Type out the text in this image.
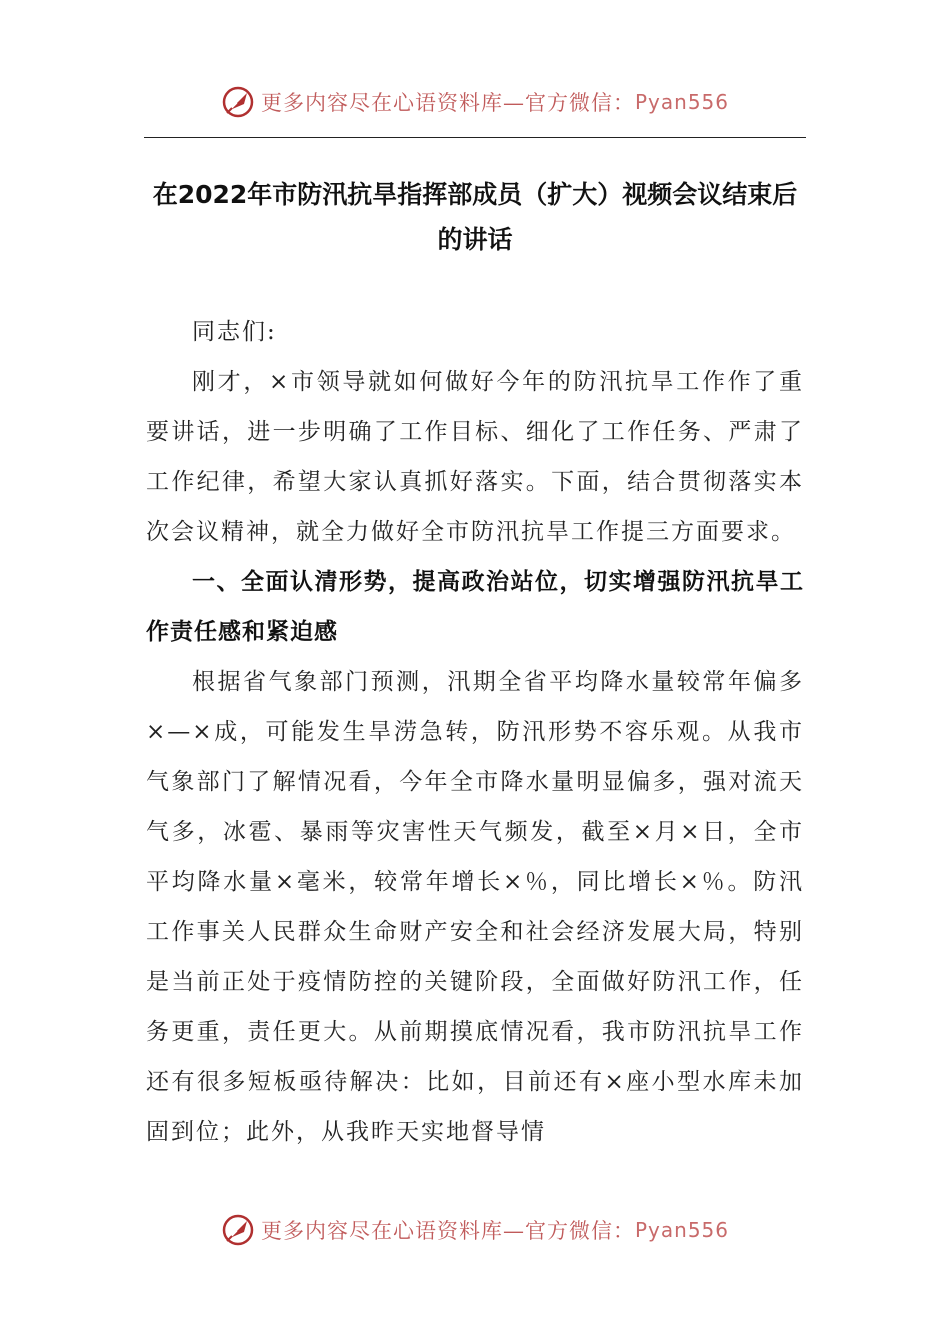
更多内容尽在心语资料库—官方微信： Pyan556
在2022年市防汛抗旱指挥部成员（扩大）视频会议结束后的讲话

同志们:

刚才，×市领导就如何做好今年的防汛抗旱工作作了重要讲话，进一步明确了工作目标、细化了工作任务、严肃了工作纪律，希望大家认真抓好落实。下面，结合贯彻落实本次会议精神，就全力做好全市防汛抗旱工作提三方面要求。

一、全面认清形势，提高政治站位，切实增强防汛抗旱工作责任感和紧迫感

根据省气象部门预测，汛期全省平均降水量较常年偏多×—×成，可能发生旱涝急转，防汛形势不容乐观。从我市气象部门了解情况看，今年全市降水量明显偏多，强对流天气多，冰雹、暴雨等灾害性天气频发，截至×月×日，全市平均降水量×毫米，较常年增长×％，同比增长×％。防汛工作事关人民群众生命财产安全和社会经济发展大局，特别是当前正处于疫情防控的关键阶段，全面做好防汛工作，任务更重，责任更大。从前期摸底情况看，我市防汛抗旱工作还有很多短板亟待解决：比如，目前还有×座小型水库未加固到位；此外，从我昨天实地督导情

更多内容尽在心语资料库—官方微信： Pyan556
